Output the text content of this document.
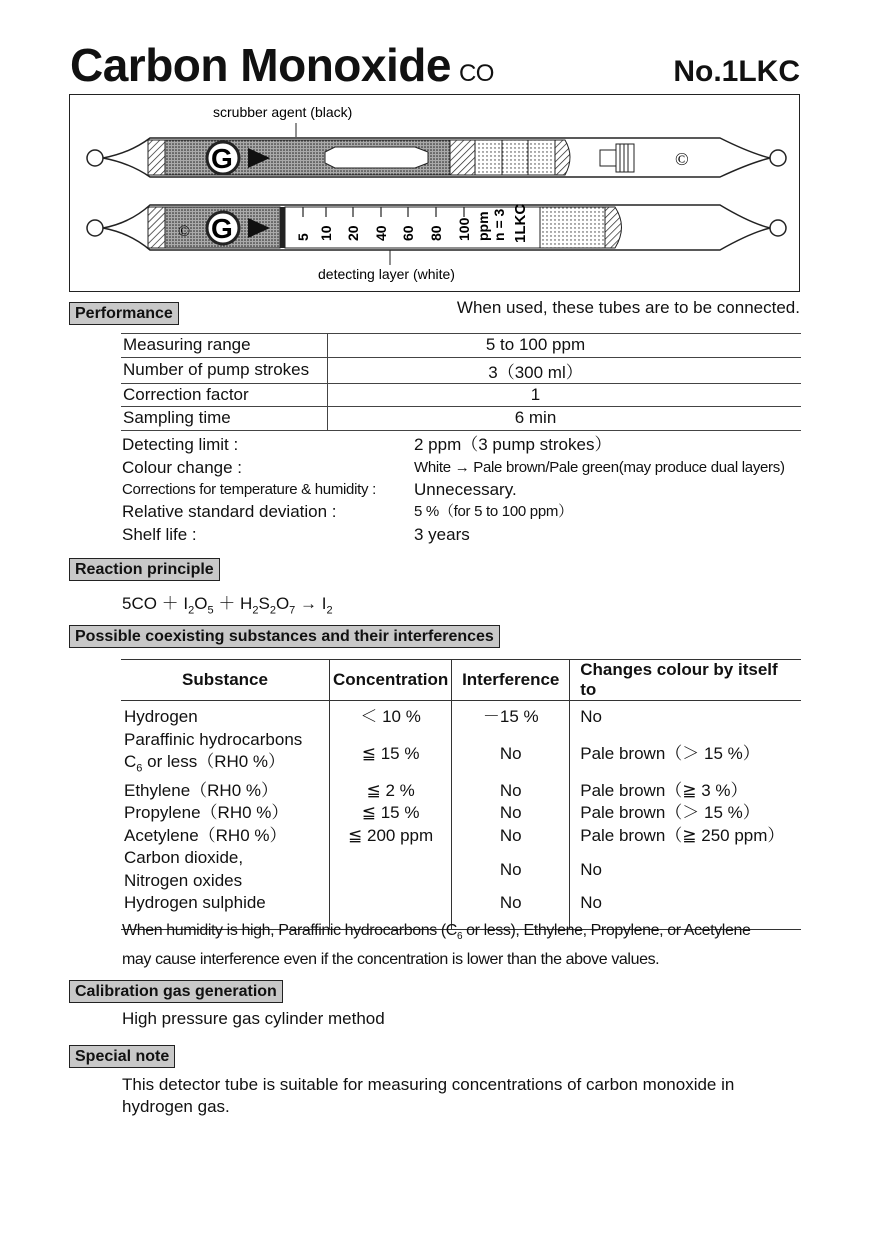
Carbon Monoxide CO	No.1LKC
scrubber agent (black)
©
G
© G	5 10 20 40 60 80 100 ppm n = 3 1LKC
detecting layer (white)
Performance	When used, these tubes are to be connected.
Measuring range	5 to 100 ppm
Number of pump strokes	3（300 ml）
Correction factor	1
Sampling time	6 min
Detecting limit :	2 ppm（3 pump strokes）
Colour change :	White → Pale brown/Pale green(may produce dual layers)
Corrections for temperature & humidity : Unnecessary.
Relative standard deviation :	5 %（for 5 to 100 ppm）
Shelf life :	3 years
Reaction principle
$5CO + I_2O_5 + H_2S_2O_7 \to I_2$
Possible coexisting substances and their interferences
Substance	Concentration	Interference	Changes colour by itself to
Hydrogen	＜ 10 %	－15 %	No
Paraffinic hydrocarbons
$C_6$ or less（RH0 %）	≦ 15 %	No	Pale brown（＞ 15 %）
Ethylene（RH0 %）	≦ 2 %	No	Pale brown（≧ 3 %）
Propylene（RH0 %）	≦ 15 %	No	Pale brown（＞ 15 %）
Acetylene（RH0 %）	≦ 200 ppm	No	Pale brown（≧ 250 ppm）
Carbon dioxide,
Nitrogen oxides		No	No
Hydrogen sulphide		No	No
When humidity is high, Paraffinic hydrocarbons ($C_6$ or less), Ethylene, Propylene, or Acetylene
may cause interference even if the concentration is lower than the above values.
Calibration gas generation
High pressure gas cylinder method
Special note
This detector tube is suitable for measuring concentrations of carbon monoxide in
hydrogen gas.
